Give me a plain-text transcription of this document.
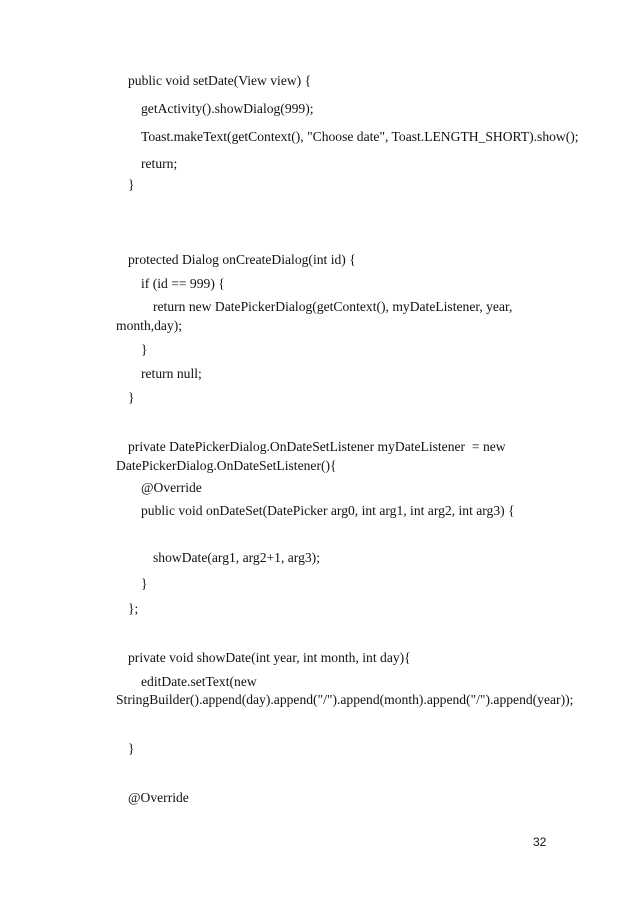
public void setDate(View view) {
getActivity().showDialog(999);
Toast.makeText(getContext(), "Choose date", Toast.LENGTH_SHORT).show();
return;
}
protected Dialog onCreateDialog(int id) {
if (id == 999) {
return new DatePickerDialog(getContext(), myDateListener, year,
month,day);
}
return null;
}
private DatePickerDialog.OnDateSetListener myDateListener  = new
DatePickerDialog.OnDateSetListener(){
@Override
public void onDateSet(DatePicker arg0, int arg1, int arg2, int arg3) {
showDate(arg1, arg2+1, arg3);
}
};
private void showDate(int year, int month, int day){
editDate.setText(new
StringBuilder().append(day).append("/").append(month).append("/").append(year));
}
@Override
32
